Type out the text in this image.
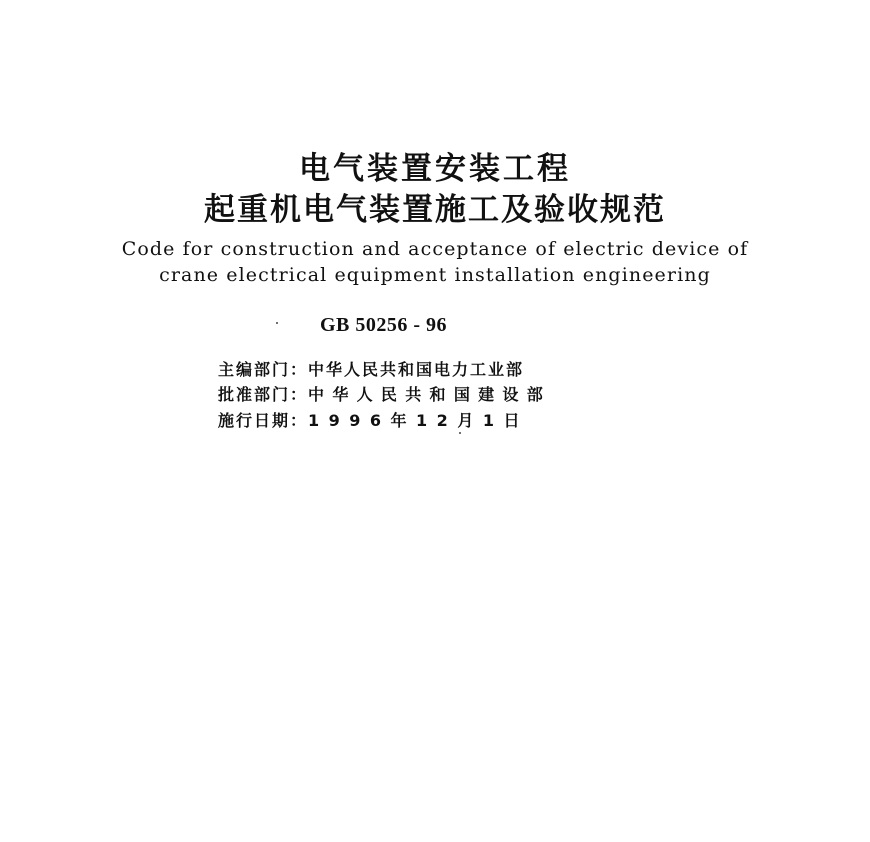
电气装置安装工程
起重机电气装置施工及验收规范
Code for construction and acceptance of electric device of
crane electrical equipment installation engineering
GB 50256 - 96
主编部门：中华人民共和国电力工业部
批准部门：中华人民共和国建设部
施行日期：1996年12月1日
